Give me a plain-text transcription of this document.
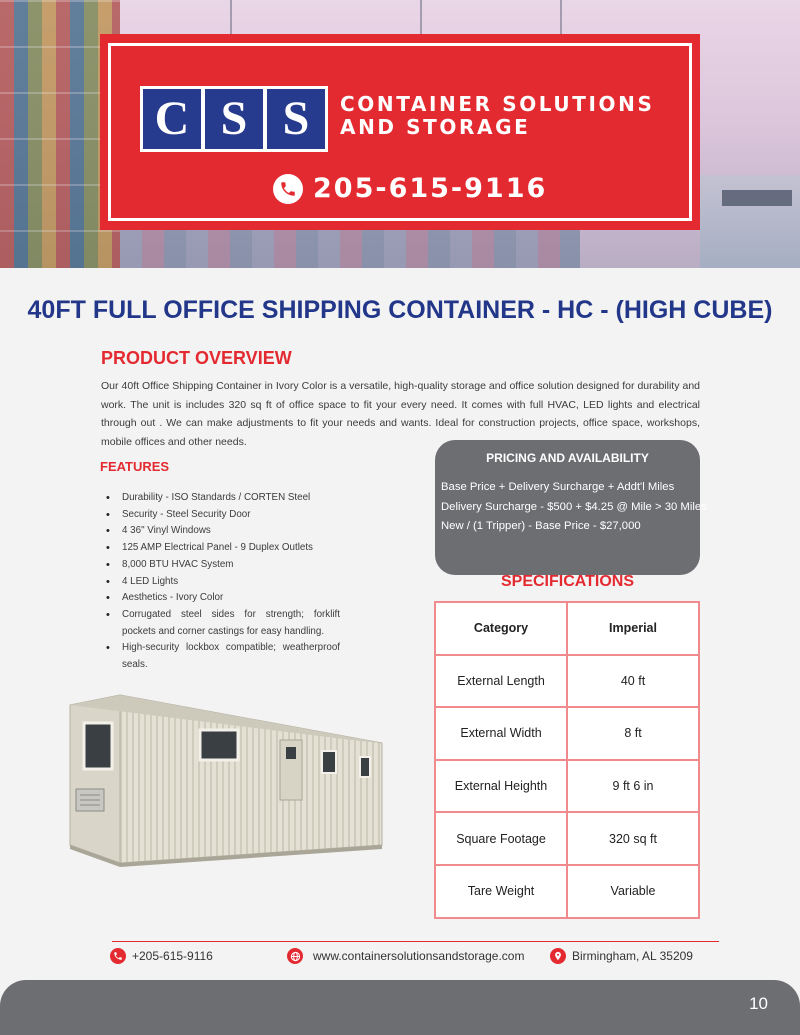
C S S	CONTAINER SOLUTIONS
AND STORAGE
205-615-9116
40FT FULL OFFICE SHIPPING CONTAINER - HC - (HIGH CUBE)
PRODUCT OVERVIEW
Our 40ft Office Shipping Container in Ivory Color is a versatile, high-quality storage and office solution designed for durability and work. The unit is includes 320 sq ft of office space to fit your every need. It comes with full HVAC, LED lights and electrical through out . We can make adjustments to fit your needs and wants. Ideal for construction projects, office space, workshops, mobile offices and other needs.
FEATURES
• Durability - ISO Standards / CORTEN Steel
• Security - Steel Security Door
• 4 36" Vinyl Windows
• 125 AMP Electrical Panel - 9 Duplex Outlets
• 8,000 BTU HVAC System
• 4 LED Lights
• Aesthetics - Ivory Color
• Corrugated steel sides for strength; forklift pockets and corner castings for easy handling.
• High-security lockbox compatible; weatherproof seals.
PRICING AND AVAILABILITY
Base Price + Delivery Surcharge + Addt'l Miles
Delivery Surcharge - $500 + $4.25 @ Mile > 30 Miles
New / (1 Tripper) - Base Price - $27,000
SPECIFICATIONS
Category	Imperial
External Length	40 ft
External Width	8 ft
External Heighth	9 ft 6 in
Square Footage	320 sq ft
Tare Weight	Variable
+205-615-9116	www.containersolutionsandstorage.com	Birmingham, AL 35209
10
